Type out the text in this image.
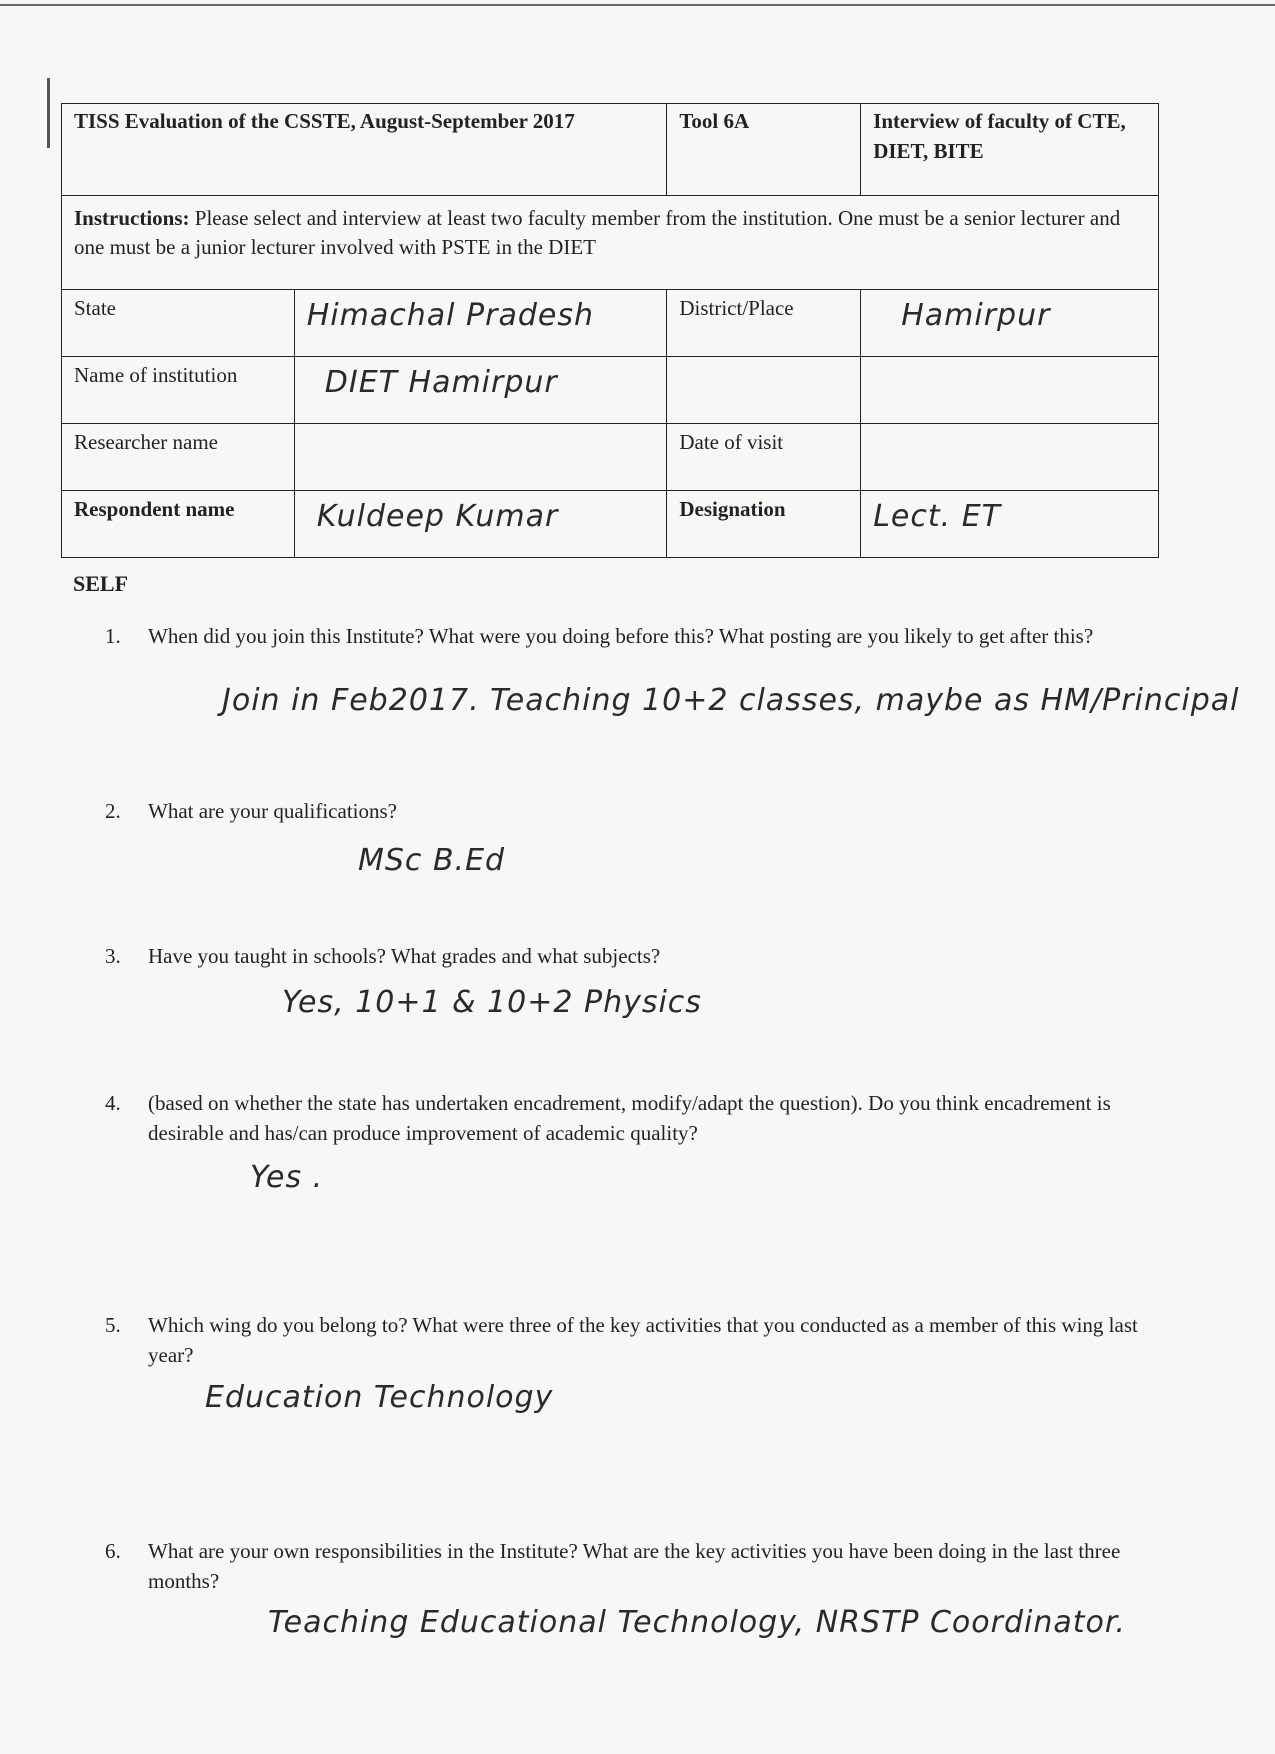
TISS Evaluation of the CSSTE, August-September 2017		Tool 6A	Interview of faculty of CTE, DIET, BITE
Instructions: Please select and interview at least two faculty member from the institution. One must be a senior lecturer and one must be a junior lecturer involved with PSTE in the DIET			
State	Himachal Pradesh	District/Place	Hamirpur
Name of institution	DIET Hamirpur		
Researcher name		Date of visit	
Respondent name	Kuldeep Kumar	Designation	Lect. ET
SELF
1.	When did you join this Institute? What were you doing before this? What posting are you likely to get after this?
Join in Feb2017. Teaching 10+2 classes, maybe as HM/Principal
2.	What are your qualifications?
MSc B.Ed
3.	Have you taught in schools? What grades and what subjects?
Yes, 10+1 & 10+2 Physics
4.	(based on whether the state has undertaken encadrement, modify/adapt the question). Do you think encadrement is desirable and has/can produce improvement of academic quality?
Yes .
5.	Which wing do you belong to? What were three of the key activities that you conducted as a member of this wing last year?
Education Technology
6.	What are your own responsibilities in the Institute? What are the key activities you have been doing in the last three months?
Teaching Educational Technology, NRSTP Coordinator.
